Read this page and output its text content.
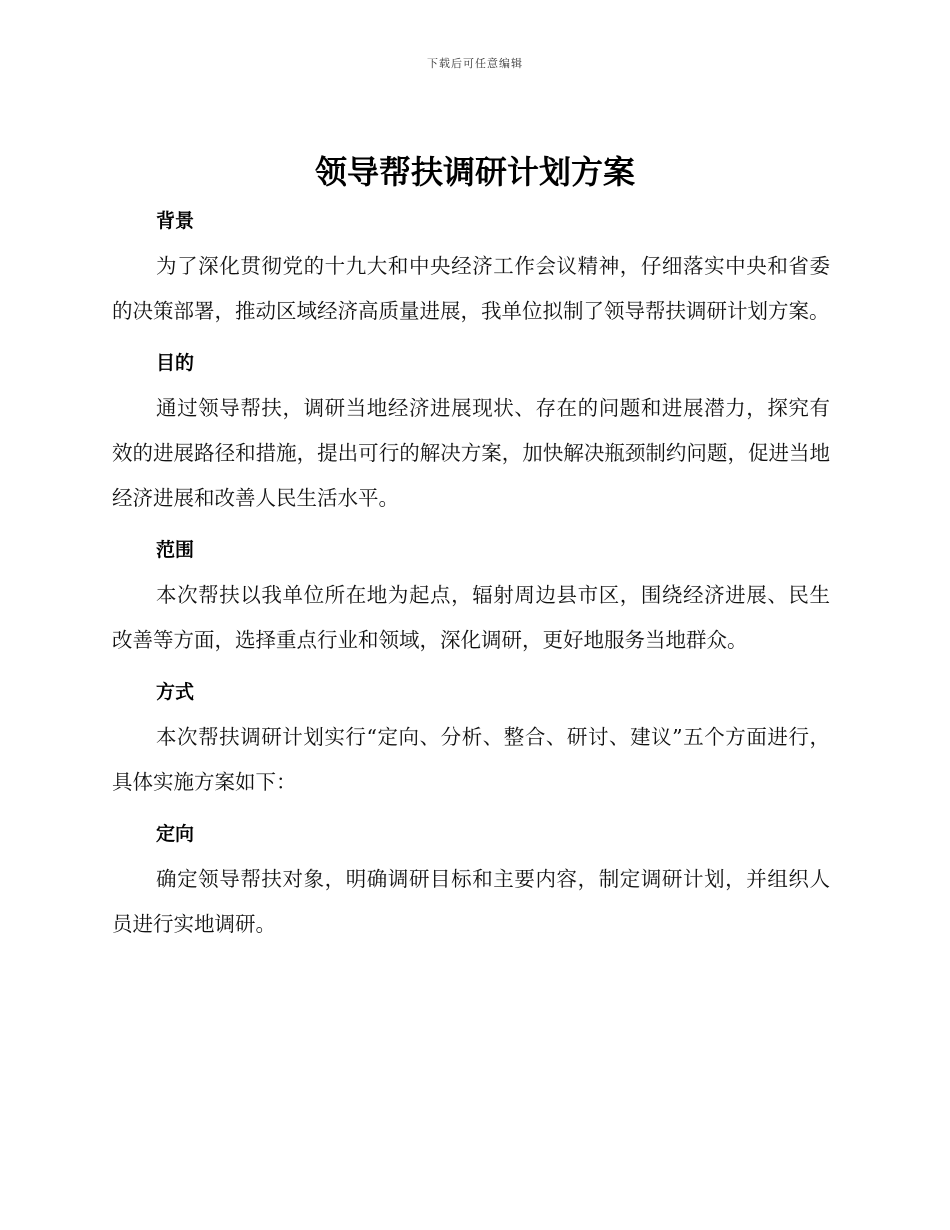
下载后可任意编辑
领导帮扶调研计划方案
背景

为了深化贯彻党的十九大和中央经济工作会议精神，仔细落实中央和省委的决策部署，推动区域经济高质量进展，我单位拟制了领导帮扶调研计划方案。

目的

通过领导帮扶，调研当地经济进展现状、存在的问题和进展潜力，探究有效的进展路径和措施，提出可行的解决方案，加快解决瓶颈制约问题，促进当地经济进展和改善人民生活水平。

范围

本次帮扶以我单位所在地为起点，辐射周边县市区，围绕经济进展、民生改善等方面，选择重点行业和领域，深化调研，更好地服务当地群众。

方式

本次帮扶调研计划实行“定向、分析、整合、研讨、建议”五个方面进行，具体实施方案如下：

定向

确定领导帮扶对象，明确调研目标和主要内容，制定调研计划，并组织人员进行实地调研。
